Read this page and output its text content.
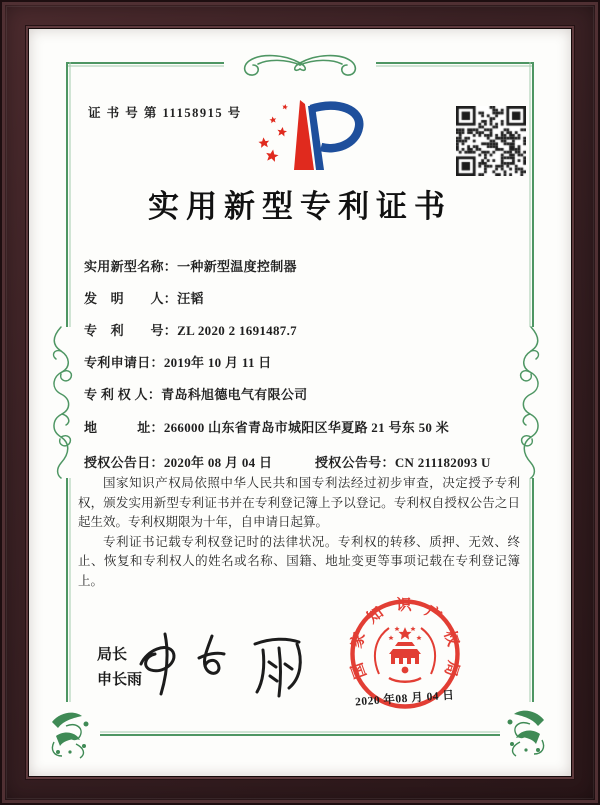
证 书 号 第 11158915 号
实用新型专利证书
实用新型名称：一种新型温度控制器
发　明　　人：汪韬
专　利　　号：ZL 2020 2 1691487.7
专利申请日：2019年 10 月 11 日
专 利 权 人：青岛科旭德电气有限公司
地　　　址：266000 山东省青岛市城阳区华夏路 21 号东 50 米
授权公告日：2020年 08 月 04 日	授权公告号：CN 211182093 U

国家知识产权局依照中华人民共和国专利法经过初步审查，决定授予专利权，颁发实用新型专利证书并在专利登记簿上予以登记。专利权自授权公告之日起生效。专利权期限为十年，自申请日起算。

专利证书记载专利权登记时的法律状况。专利权的转移、质押、无效、终止、恢复和专利权人的姓名或名称、国籍、地址变更等事项记载在专利登记簿上。

局长
申长雨	国家知识产权局
2020 年08 月 04 日
